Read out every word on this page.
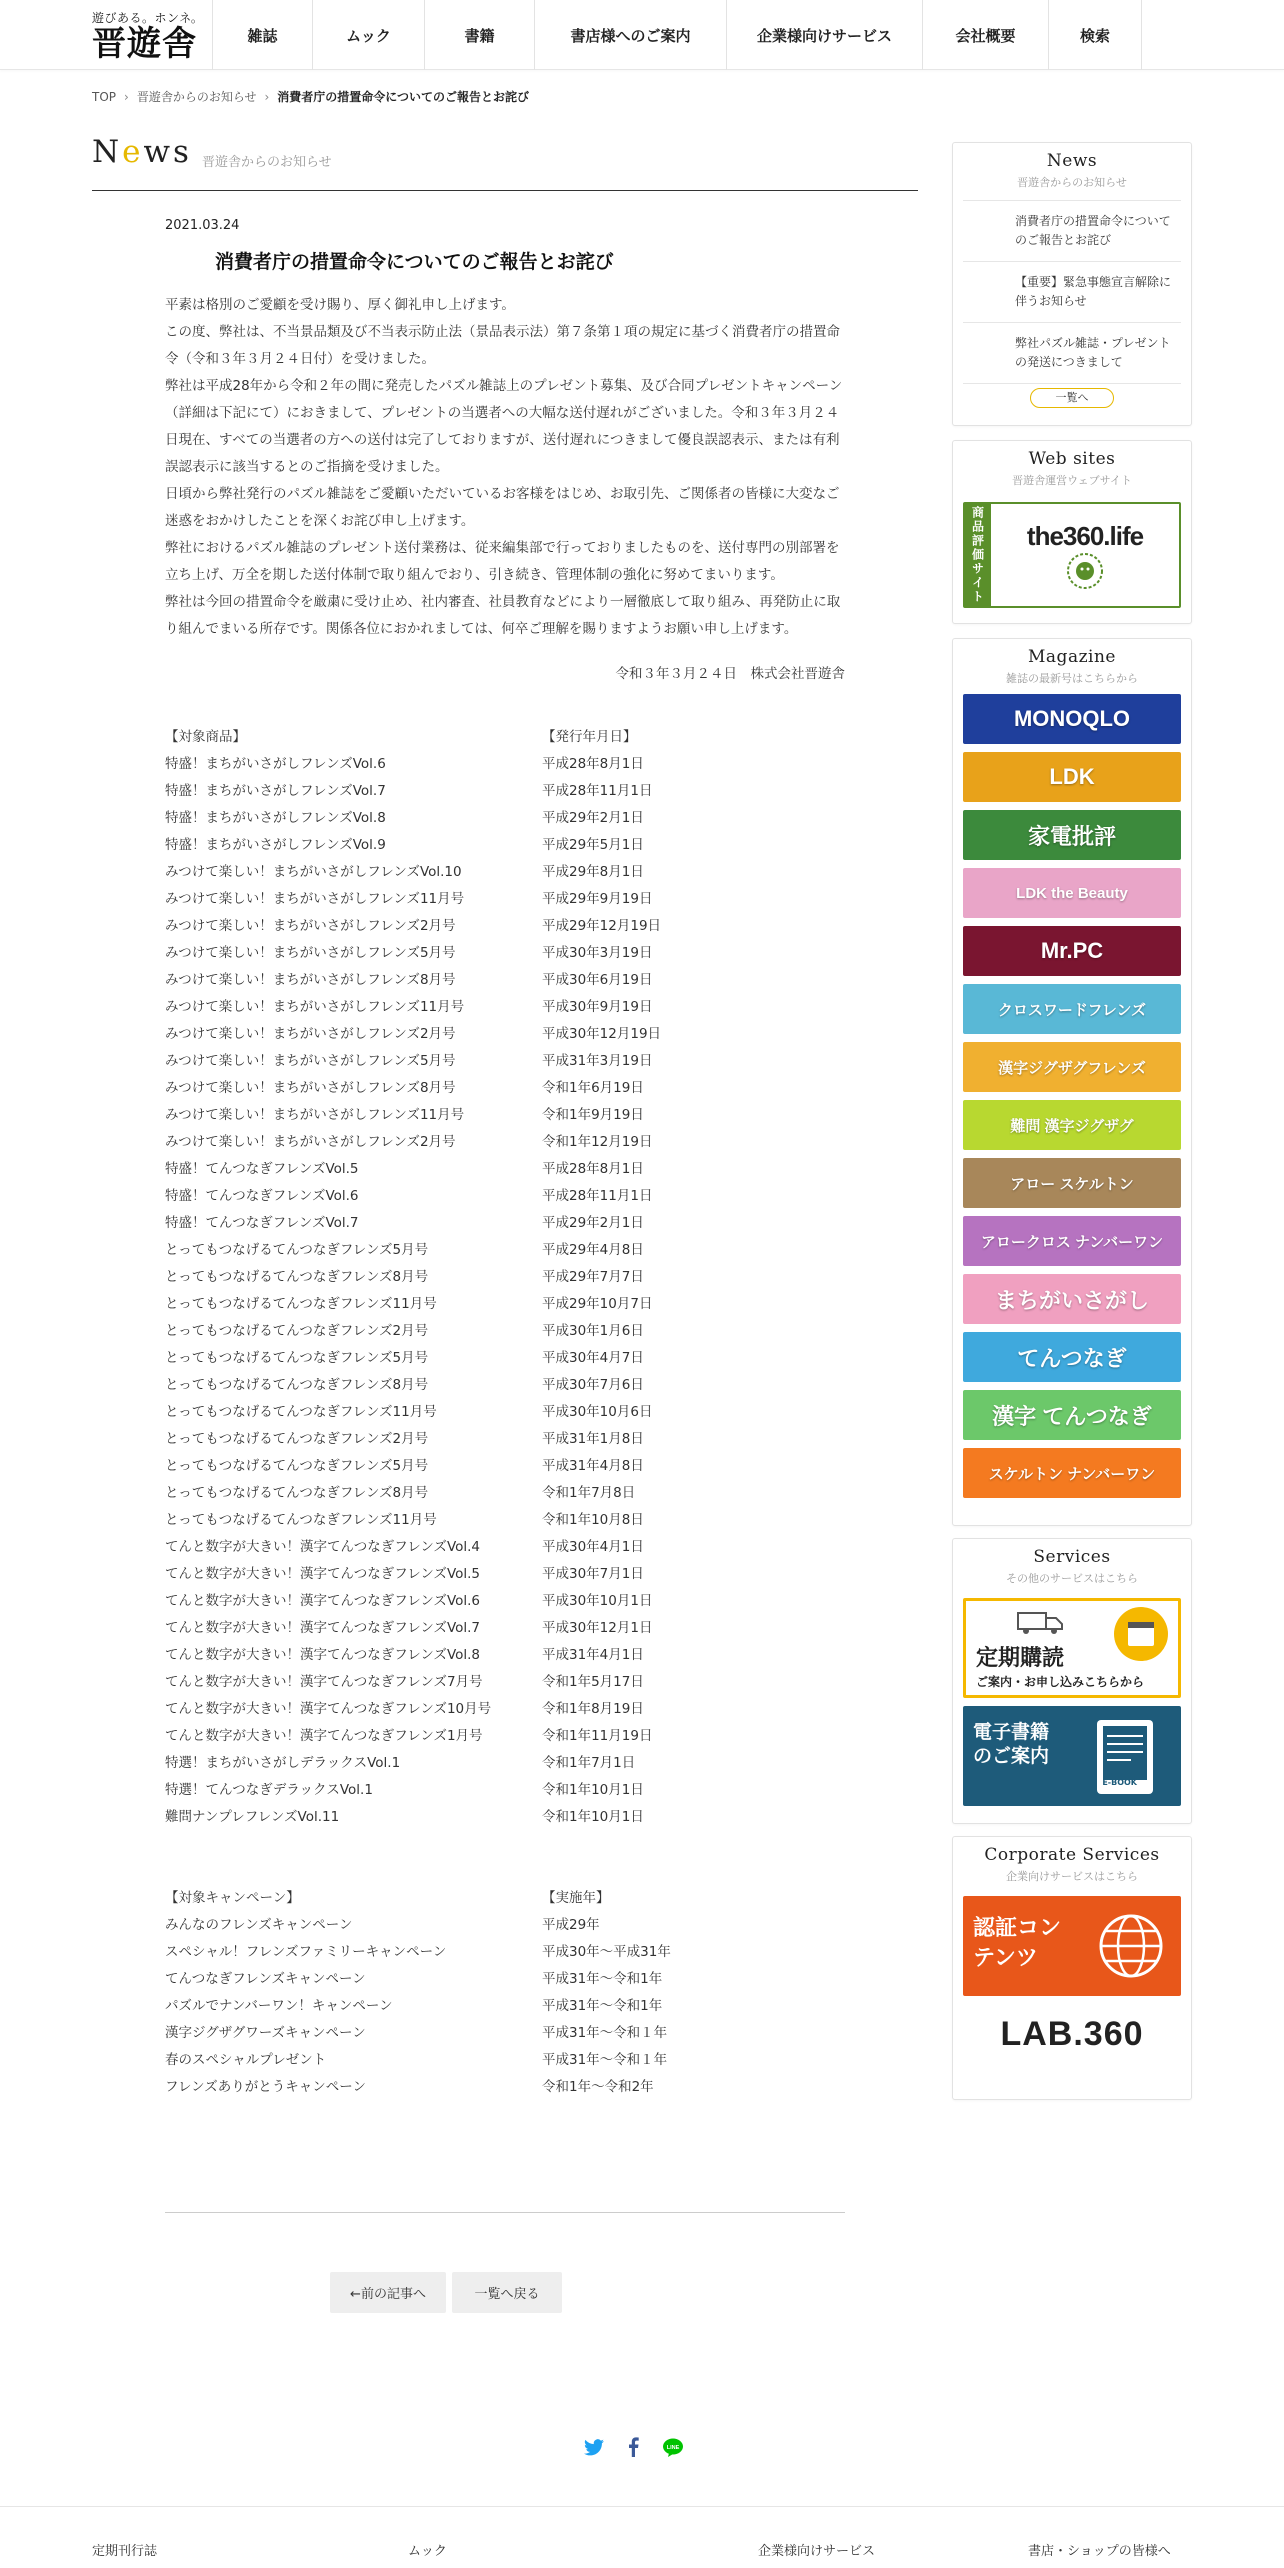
遊びある。ホンネ。
晋遊舎	雑誌	ムック	書籍	書店様へのご案内	企業様向けサービス	会社概要	検索
TOP › 晋遊舎からのお知らせ › 消費者庁の措置命令についてのご報告とお詫び
News 晋遊舎からのお知らせ
2021.03.24
消費者庁の措置命令についてのご報告とお詫び

平素は格別のご愛顧を受け賜り、厚く御礼申し上げます。

この度、弊社は、不当景品類及び不当表示防止法（景品表示法）第７条第１項の規定に基づく消費者庁の措置命令（令和３年３月２４日付）を受けました。

弊社は平成28年から令和２年の間に発売したパズル雑誌上のプレゼント募集、及び合同プレゼントキャンペーン（詳細は下記にて）におきまして、プレゼントの当選者への大幅な送付遅れがございました。令和３年３月２４日現在、すべての当選者の方への送付は完了しておりますが、送付遅れにつきまして優良誤認表示、または有利誤認表示に該当するとのご指摘を受けました。

日頃から弊社発行のパズル雑誌をご愛顧いただいているお客様をはじめ、お取引先、ご関係者の皆様に大変なご迷惑をおかけしたことを深くお詫び申し上げます。

弊社におけるパズル雑誌のプレゼント送付業務は、従来編集部で行っておりましたものを、送付専門の別部署を立ち上げ、万全を期した送付体制で取り組んでおり、引き続き、管理体制の強化に努めてまいります。

弊社は今回の措置命令を厳粛に受け止め、社内審査、社員教育などにより一層徹底して取り組み、再発防止に取り組んでまいる所存です。関係各位におかれましては、何卒ご理解を賜りますようお願い申し上げます。

令和３年３月２４日　株式会社晋遊舎
【対象商品】	【発行年月日】
特盛！まちがいさがしフレンズVol.6	平成28年8月1日
特盛！まちがいさがしフレンズVol.7	平成28年11月1日
特盛！まちがいさがしフレンズVol.8	平成29年2月1日
特盛！まちがいさがしフレンズVol.9	平成29年5月1日
みつけて楽しい！まちがいさがしフレンズVol.10	平成29年8月1日
みつけて楽しい！まちがいさがしフレンズ11月号	平成29年9月19日
みつけて楽しい！まちがいさがしフレンズ2月号	平成29年12月19日
みつけて楽しい！まちがいさがしフレンズ5月号	平成30年3月19日
みつけて楽しい！まちがいさがしフレンズ8月号	平成30年6月19日
みつけて楽しい！まちがいさがしフレンズ11月号	平成30年9月19日
みつけて楽しい！まちがいさがしフレンズ2月号	平成30年12月19日
みつけて楽しい！まちがいさがしフレンズ5月号	平成31年3月19日
みつけて楽しい！まちがいさがしフレンズ8月号	令和1年6月19日
みつけて楽しい！まちがいさがしフレンズ11月号	令和1年9月19日
みつけて楽しい！まちがいさがしフレンズ2月号	令和1年12月19日
特盛！てんつなぎフレンズVol.5	平成28年8月1日
特盛！てんつなぎフレンズVol.6	平成28年11月1日
特盛！てんつなぎフレンズVol.7	平成29年2月1日
とってもつなげるてんつなぎフレンズ5月号	平成29年4月8日
とってもつなげるてんつなぎフレンズ8月号	平成29年7月7日
とってもつなげるてんつなぎフレンズ11月号	平成29年10月7日
とってもつなげるてんつなぎフレンズ2月号	平成30年1月6日
とってもつなげるてんつなぎフレンズ5月号	平成30年4月7日
とってもつなげるてんつなぎフレンズ8月号	平成30年7月6日
とってもつなげるてんつなぎフレンズ11月号	平成30年10月6日
とってもつなげるてんつなぎフレンズ2月号	平成31年1月8日
とってもつなげるてんつなぎフレンズ5月号	平成31年4月8日
とってもつなげるてんつなぎフレンズ8月号	令和1年7月8日
とってもつなげるてんつなぎフレンズ11月号	令和1年10月8日
てんと数字が大きい！漢字てんつなぎフレンズVol.4	平成30年4月1日
てんと数字が大きい！漢字てんつなぎフレンズVol.5	平成30年7月1日
てんと数字が大きい！漢字てんつなぎフレンズVol.6	平成30年10月1日
てんと数字が大きい！漢字てんつなぎフレンズVol.7	平成30年12月1日
てんと数字が大きい！漢字てんつなぎフレンズVol.8	平成31年4月1日
てんと数字が大きい！漢字てんつなぎフレンズ7月号	令和1年5月17日
てんと数字が大きい！漢字てんつなぎフレンズ10月号	令和1年8月19日
てんと数字が大きい！漢字てんつなぎフレンズ1月号	令和1年11月19日
特選！まちがいさがしデラックスVol.1	令和1年7月1日
特選！てんつなぎデラックスVol.1	令和1年10月1日
難問ナンプレフレンズVol.11	令和1年10月1日
【対象キャンペーン】	【実施年】
みんなのフレンズキャンペーン	平成29年
スペシャル！フレンズファミリーキャンペーン	平成30年〜平成31年
てんつなぎフレンズキャンペーン	平成31年〜令和1年
パズルでナンバーワン！キャンペーン	平成31年〜令和1年
漢字ジグザグワーズキャンペーン	平成31年〜令和１年
春のスペシャルプレゼント	平成31年〜令和１年
フレンズありがとうキャンペーン	令和1年〜令和2年
←前の記事へ	一覧へ戻る
LINE
News
晋遊舎からのお知らせ
消費者庁の措置命令についてのご報告とお詫び
【重要】緊急事態宣言解除に伴うお知らせ
弊社パズル雑誌・プレゼントの発送につきまして
一覧へ
Web sites
晋遊舎運営ウェブサイト
商品評価サイト the360.life
Magazine
雑誌の最新号はこちらから
MONOQLO
LDK
家電批評
LDK the Beauty
Mr.PC
クロスワードフレンズ
漢字ジグザグフレンズ
難問 漢字ジグザグ
アロー スケルトン
アロークロス ナンバーワン
まちがいさがし
てんつなぎ
漢字 てんつなぎ
スケルトン ナンバーワン
Services
その他のサービスはこちら
定期購読
ご案内・お申し込みこちらから
電子書籍のご案内
E-BOOK
Corporate Services
企業向けサービスはこちら
認証コンテンツ
LAB.360
定期刊行誌	ムック	企業様向けサービス	書店・ショップの皆様へ
